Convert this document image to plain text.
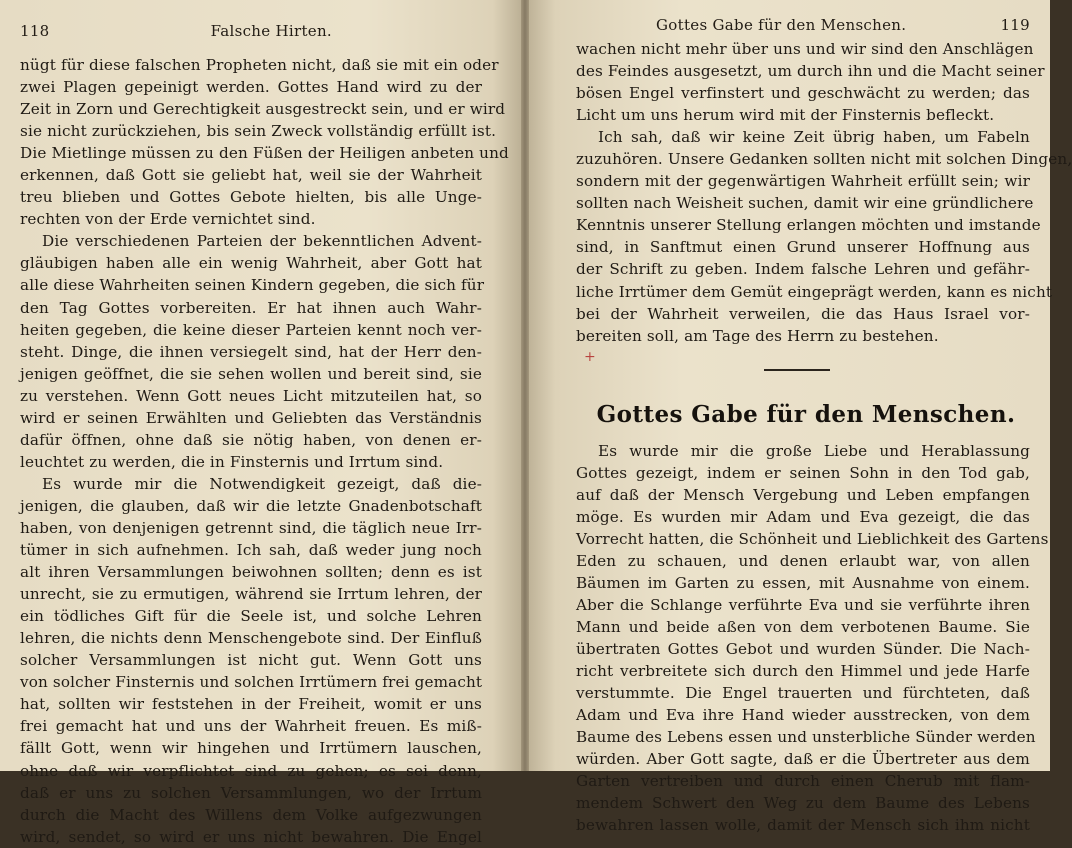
118	Falsche Hirten.
nügt für diese falschen Propheten nicht, daß sie mit ein oder
zwei Plagen gepeinigt werden. Gottes Hand wird zu der
Zeit in Zorn und Gerechtigkeit ausgestreckt sein, und er wird
sie nicht zurückziehen, bis sein Zweck vollständig erfüllt ist.
Die Mietlinge müssen zu den Füßen der Heiligen anbeten und
erkennen, daß Gott sie geliebt hat, weil sie der Wahrheit
treu blieben und Gottes Gebote hielten, bis alle Unge-
rechten von der Erde vernichtet sind.
Die verschiedenen Parteien der bekenntlichen Advent-
gläubigen haben alle ein wenig Wahrheit, aber Gott hat
alle diese Wahrheiten seinen Kindern gegeben, die sich für
den Tag Gottes vorbereiten. Er hat ihnen auch Wahr-
heiten gegeben, die keine dieser Parteien kennt noch ver-
steht. Dinge, die ihnen versiegelt sind, hat der Herr den-
jenigen geöffnet, die sie sehen wollen und bereit sind, sie
zu verstehen. Wenn Gott neues Licht mitzuteilen hat, so
wird er seinen Erwählten und Geliebten das Verständnis
dafür öffnen, ohne daß sie nötig haben, von denen er-
leuchtet zu werden, die in Finsternis und Irrtum sind.
Es wurde mir die Notwendigkeit gezeigt, daß die-
jenigen, die glauben, daß wir die letzte Gnadenbotschaft
haben, von denjenigen getrennt sind, die täglich neue Irr-
tümer in sich aufnehmen. Ich sah, daß weder jung noch
alt ihren Versammlungen beiwohnen sollten; denn es ist
unrecht, sie zu ermutigen, während sie Irrtum lehren, der
ein tödliches Gift für die Seele ist, und solche Lehren
lehren, die nichts denn Menschengebote sind. Der Einfluß
solcher Versammlungen ist nicht gut. Wenn Gott uns
von solcher Finsternis und solchen Irrtümern frei gemacht
hat, sollten wir feststehen in der Freiheit, womit er uns
frei gemacht hat und uns der Wahrheit freuen. Es miß-
fällt Gott, wenn wir hingehen und Irrtümern lauschen,
ohne daß wir verpflichtet sind zu gehen; es sei denn,
daß er uns zu solchen Versammlungen, wo der Irrtum
durch die Macht des Willens dem Volke aufgezwungen
wird, sendet, so wird er uns nicht bewahren. Die Engel
Gottes Gabe für den Menschen.	119
wachen nicht mehr über uns und wir sind den Anschlägen
des Feindes ausgesetzt, um durch ihn und die Macht seiner
bösen Engel verfinstert und geschwächt zu werden; das
Licht um uns herum wird mit der Finsternis befleckt.
Ich sah, daß wir keine Zeit übrig haben, um Fabeln
zuzuhören. Unsere Gedanken sollten nicht mit solchen Dingen,
sondern mit der gegenwärtigen Wahrheit erfüllt sein; wir
sollten nach Weisheit suchen, damit wir eine gründlichere
Kenntnis unserer Stellung erlangen möchten und imstande
sind, in Sanftmut einen Grund unserer Hoffnung aus
der Schrift zu geben. Indem falsche Lehren und gefähr-
liche Irrtümer dem Gemüt eingeprägt werden, kann es nicht
bei der Wahrheit verweilen, die das Haus Israel vor-
bereiten soll, am Tage des Herrn zu bestehen.
+
Gottes Gabe für den Menschen.
Es wurde mir die große Liebe und Herablassung
Gottes gezeigt, indem er seinen Sohn in den Tod gab,
auf daß der Mensch Vergebung und Leben empfangen
möge. Es wurden mir Adam und Eva gezeigt, die das
Vorrecht hatten, die Schönheit und Lieblichkeit des Gartens
Eden zu schauen, und denen erlaubt war, von allen
Bäumen im Garten zu essen, mit Ausnahme von einem.
Aber die Schlange verführte Eva und sie verführte ihren
Mann und beide aßen von dem verbotenen Baume. Sie
übertraten Gottes Gebot und wurden Sünder. Die Nach-
richt verbreitete sich durch den Himmel und jede Harfe
verstummte. Die Engel trauerten und fürchteten, daß
Adam und Eva ihre Hand wieder ausstrecken, von dem
Baume des Lebens essen und unsterbliche Sünder werden
würden. Aber Gott sagte, daß er die Übertreter aus dem
Garten vertreiben und durch einen Cherub mit flam-
mendem Schwert den Weg zu dem Baume des Lebens
bewahren lassen wolle, damit der Mensch sich ihm nicht
